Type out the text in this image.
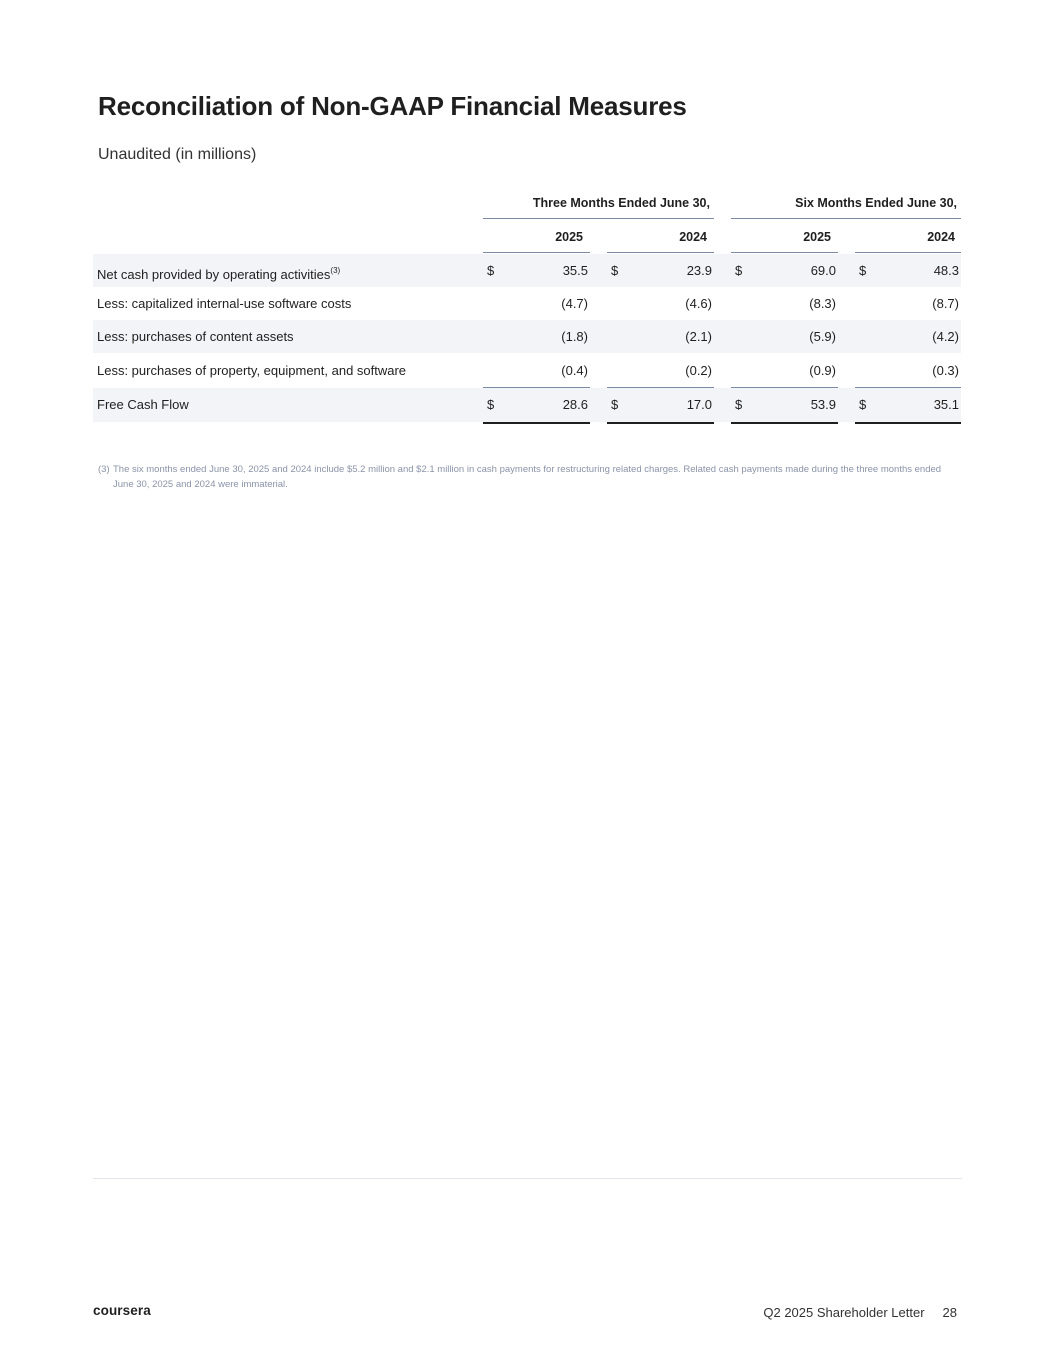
Reconciliation of Non-GAAP Financial Measures
Unaudited (in millions)
Three Months Ended June 30,	Six Months Ended June 30,
2025	2024	2025	2024
Net cash provided by operating activities$^{(3)}$	$	35.5 $	23.9 $	69.0 $	48.3
Less: capitalized internal-use software costs	(4.7)	(4.6)	(8.3)	(8.7)
Less: purchases of content assets	(1.8)	(2.1)	(5.9)	(4.2)
Less: purchases of property, equipment, and software	(0.4)	(0.2)	(0.9)	(0.3)
Free Cash Flow	$	28.6 $	17.0 $	53.9 $	35.1
(3) The six months ended June 30, 2025 and 2024 include $5.2 million and $2.1 million in cash payments for restructuring related charges. Related cash payments made during the three months ended June 30, 2025 and 2024 were immaterial.
coursera	Q2 2025 Shareholder Letter 28
